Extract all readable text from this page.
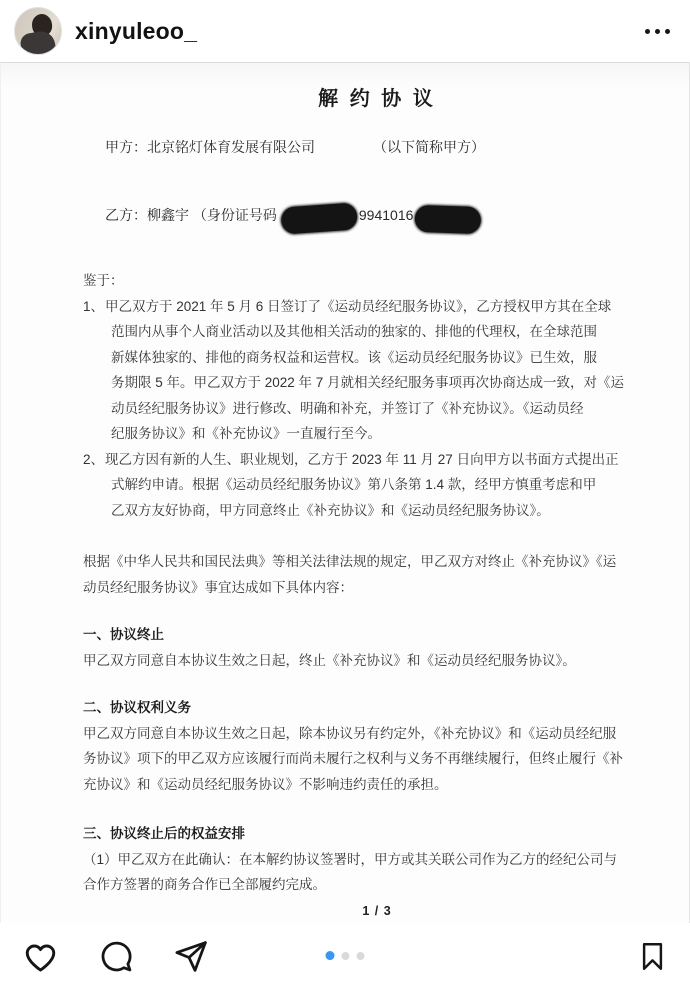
xinyuleoo_
解 约 协 议
甲方：北京铭灯体育发展有限公司	（以下简称甲方）
乙方：柳鑫宇 （身份证号码	9941016
鉴于：
1、 甲乙双方于 2021 年 5 月 6 日签订了《运动员经纪服务协议》，乙方授权甲方其在全球
范围内从事个人商业活动以及其他相关活动的独家的、排他的代理权，在全球范围
新媒体独家的、排他的商务权益和运营权。该《运动员经纪服务协议》已生效，服
务期限 5 年。甲乙双方于 2022 年 7 月就相关经纪服务事项再次协商达成一致，对《运
动员经纪服务协议》进行修改、明确和补充，并签订了《补充协议》。《运动员经
纪服务协议》和《补充协议》一直履行至今。
2、 现乙方因有新的人生、职业规划，乙方于 2023 年 11 月 27 日向甲方以书面方式提出正
式解约申请。根据《运动员经纪服务协议》第八条第 1.4 款，经甲方慎重考虑和甲
乙双方友好协商，甲方同意终止《补充协议》和《运动员经纪服务协议》。
根据《中华人民共和国民法典》等相关法律法规的规定，甲乙双方对终止《补充协议》《运
动员经纪服务协议》事宜达成如下具体内容：
一、协议终止
甲乙双方同意自本协议生效之日起，终止《补充协议》和《运动员经纪服务协议》。
二、协议权利义务
甲乙双方同意自本协议生效之日起，除本协议另有约定外，《补充协议》和《运动员经纪服
务协议》项下的甲乙双方应该履行而尚未履行之权利与义务不再继续履行，但终止履行《补
充协议》和《运动员经纪服务协议》不影响违约责任的承担。
三、协议终止后的权益安排
（1）甲乙双方在此确认：在本解约协议签署时，甲方或其关联公司作为乙方的经纪公司与
合作方签署的商务合作已全部履约完成。
1 / 3
